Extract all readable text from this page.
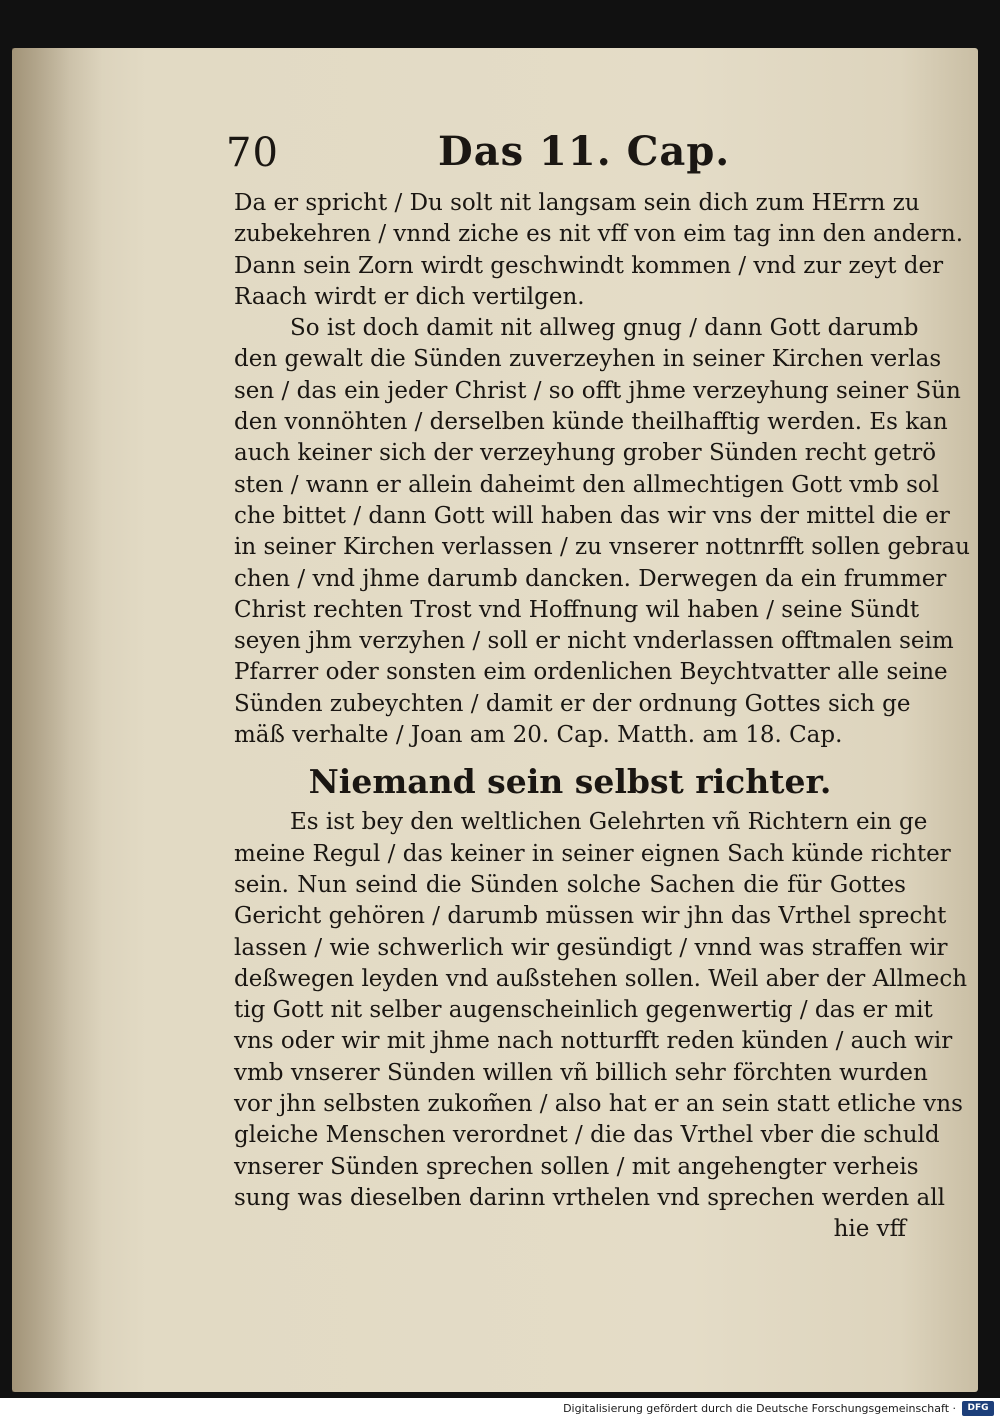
70	Das 11. Cap.

Da er spricht / Du solt nit langsam sein dich zum HErrn zu
zubekehren / vnnd ziche es nit vff von eim tag inn den andern.
Dann sein Zorn wirdt geschwindt kommen / vnd zur zeyt der
Raach wirdt er dich vertilgen.

So ist doch damit nit allweg gnug / dann Gott darumb
den gewalt die Sünden zuverzeyhen in seiner Kirchen verlas
sen / das ein jeder Christ / so offt jhme verzeyhung seiner Sün
den vonnöhten / derselben künde theilhafftig werden. Es kan
auch keiner sich der verzeyhung grober Sünden recht getrö
sten / wann er allein daheimt den allmechtigen Gott vmb sol
che bittet / dann Gott will haben das wir vns der mittel die er
in seiner Kirchen verlassen / zu vnserer nottnrfft sollen gebrau
chen / vnd jhme darumb dancken. Derwegen da ein frummer
Christ rechten Trost vnd Hoffnung wil haben / seine Sündt
seyen jhm verzyhen / soll er nicht vnderlassen offtmalen seim
Pfarrer oder sonsten eim ordenlichen Beychtvatter alle seine
Sünden zubeychten / damit er der ordnung Gottes sich ge
mäß verhalte / Joan am 20. Cap. Matth. am 18. Cap.

Niemand sein selbst richter.

Es ist bey den weltlichen Gelehrten vñ Richtern ein ge
meine Regul / das keiner in seiner eignen Sach künde richter
sein. Nun seind die Sünden solche Sachen die für Gottes
Gericht gehören / darumb müssen wir jhn das Vrthel sprecht
lassen / wie schwerlich wir gesündigt / vnnd was straffen wir
deßwegen leyden vnd außstehen sollen. Weil aber der Allmech
tig Gott nit selber augenscheinlich gegenwertig / das er mit
vns oder wir mit jhme nach notturfft reden künden / auch wir
vmb vnserer Sünden willen vñ billich sehr förchten wurden
vor jhn selbsten zukom̃en / also hat er an sein statt etliche vns
gleiche Menschen verordnet / die das Vrthel vber die schuld
vnserer Sünden sprechen sollen / mit angehengter verheis
sung was dieselben darinn vrthelen vnd sprechen werden all
hie vff

Digitalisierung gefördert durch die Deutsche Forschungsgemeinschaft ·	DFG
